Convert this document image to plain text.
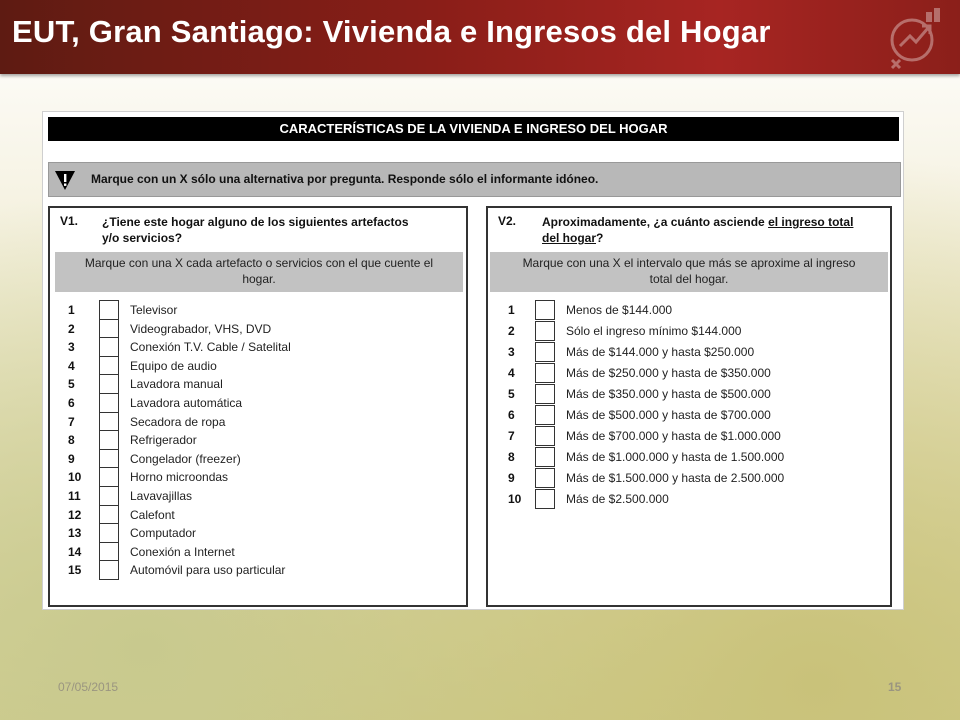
EUT, Gran Santiago: Vivienda e Ingresos del Hogar
CARACTERÍSTICAS DE LA VIVIENDA E INGRESO DEL HOGAR
Marque con un X sólo una alternativa por pregunta. Responde sólo el informante idóneo.
V1. ¿Tiene este hogar alguno de los siguientes artefactos
y/o servicios?
Marque con una X cada artefacto o servicios con el que cuente el
hogar.
1	Televisor
2	Videograbador, VHS, DVD
3	Conexión T.V. Cable / Satelital
4	Equipo de audio
5	Lavadora manual
6	Lavadora automática
7	Secadora de ropa
8	Refrigerador
9	Congelador (freezer)
10	Horno microondas
11	Lavavajillas
12	Calefont
13	Computador
14	Conexión a Internet
15	Automóvil para uso particular
V2. Aproximadamente, ¿a cuánto asciende el ingreso total
del hogar?
Marque con una X el intervalo que más se aproxime al ingreso
total del hogar.
1	Menos de $144.000
2	Sólo el ingreso mínimo $144.000
3	Más de $144.000 y hasta $250.000
4	Más de $250.000 y hasta de $350.000
5	Más de $350.000 y hasta de $500.000
6	Más de $500.000 y hasta de $700.000
7	Más de $700.000 y hasta de $1.000.000
8	Más de $1.000.000 y hasta de 1.500.000
9	Más de $1.500.000 y hasta de 2.500.000
10	Más de $2.500.000
07/05/2015	15
